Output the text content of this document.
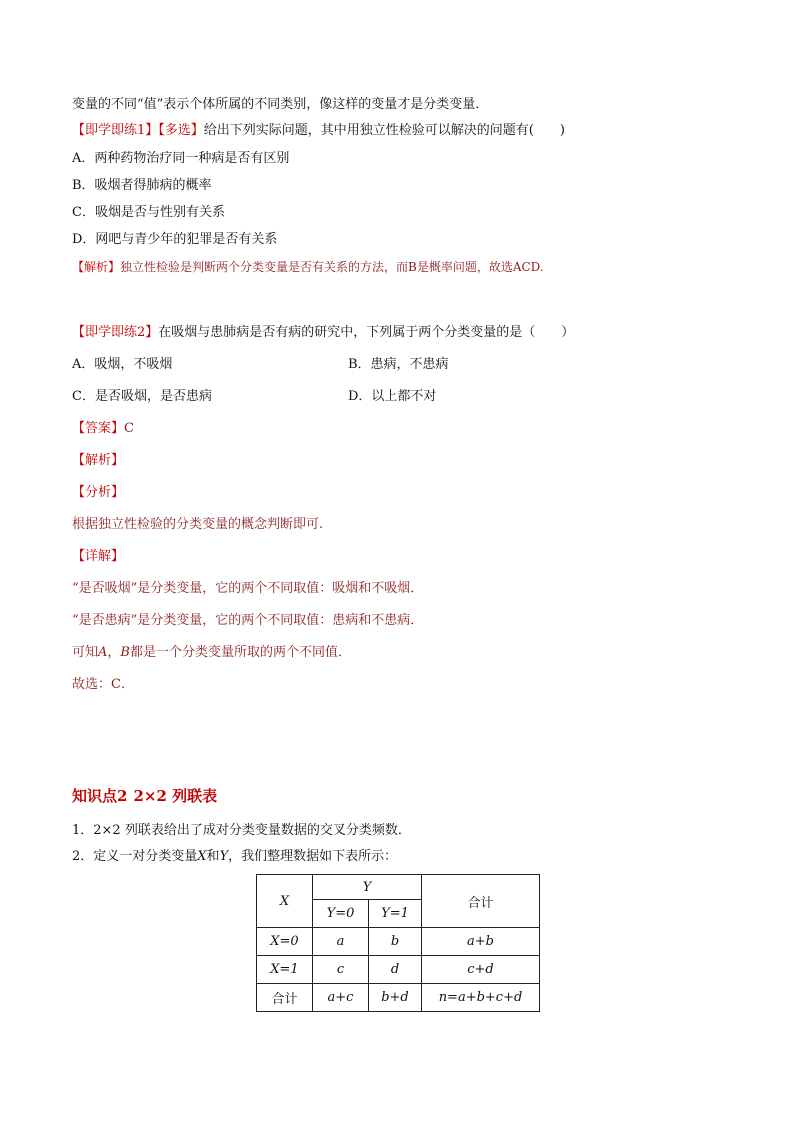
变量的不同“值”表示个体所属的不同类别，像这样的变量才是分类变量．
【即学即练1】【多选】给出下列实际问题，其中用独立性检验可以解决的问题有(　　)
A．两种药物治疗同一种病是否有区别
B．吸烟者得肺病的概率
C．吸烟是否与性别有关系
D．网吧与青少年的犯罪是否有关系
【解析】独立性检验是判断两个分类变量是否有关系的方法，而B是概率问题，故选ACD.
【即学即练2】在吸烟与患肺病是否有病的研究中，下列属于两个分类变量的是（　　）
A．吸烟，不吸烟	B．患病，不患病
C．是否吸烟，是否患病	D．以上都不对
【答案】C
【解析】
【分析】
根据独立性检验的分类变量的概念判断即可.
【详解】
“是否吸烟”是分类变量，它的两个不同取值：吸烟和不吸烟．
“是否患病”是分类变量，它的两个不同取值：患病和不患病．
可知A，B都是一个分类变量所取的两个不同值．
故选：C．
知识点2 2×2 列联表
1．2×2 列联表给出了成对分类变量数据的交叉分类频数．
2．定义一对分类变量X和Y，我们整理数据如下表所示：
X	Y		合计
	Y=0	Y=1	
X=0	a	b	a+b
X=1	c	d	c+d
合计	a+c	b+d	n=a+b+c+d
